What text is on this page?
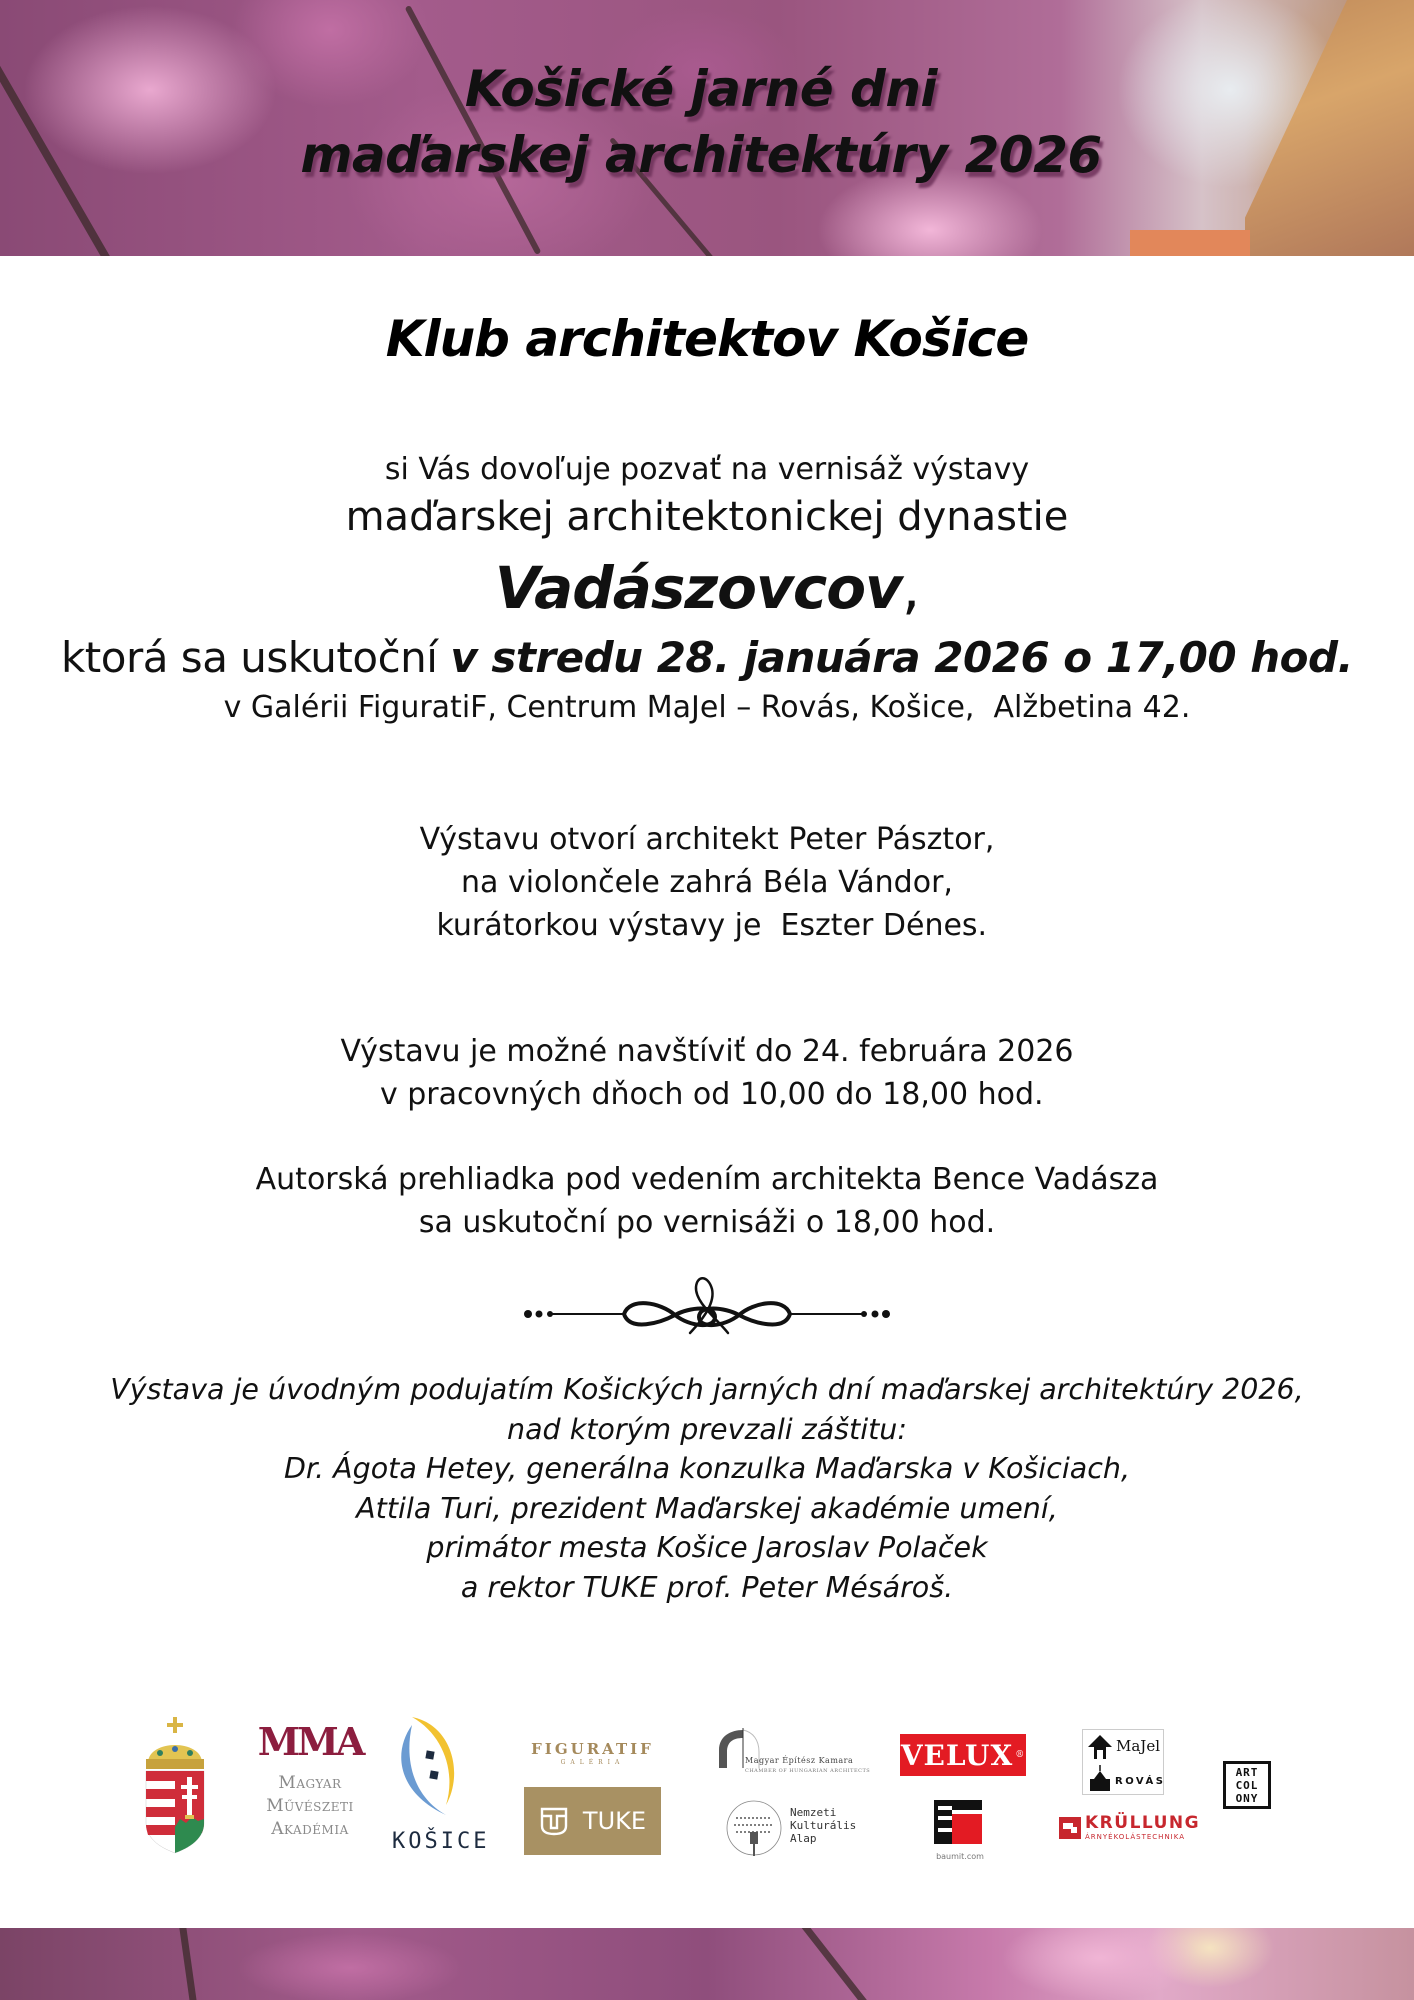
Košické jarné dni
maďarskej architektúry 2026
Klub architektov Košice
si Vás dovoľuje pozvať na vernisáž výstavy
maďarskej architektonickej dynastie
Vadászovcov,
ktorá sa uskutoční v stredu 28. januára 2026 o 17,00 hod.
v Galérii FiguratiF, Centrum MaJel – Rovás, Košice,  Alžbetina 42.
Výstavu otvorí architekt Peter Pásztor,
na violončele zahrá Béla Vándor,
kurátorkou výstavy je  Eszter Dénes.
Výstavu je možné navštíviť do 24. februára 2026
v pracovných dňoch od 10,00 do 18,00 hod.
Autorská prehliadka pod vedením architekta Bence Vadásza
sa uskutoční po vernisáži o 18,00 hod.
Výstava je úvodným podujatím Košických jarných dní maďarskej architektúry 2026,
nad ktorým prevzali záštitu:
Dr. Ágota Hetey, generálna konzulka Maďarska v Košiciach,
Attila Turi, prezident Maďarskej akadémie umení,
primátor mesta Košice Jaroslav Polaček
a rektor TUKE prof. Peter Mésároš.
MMA
Magyar
Művészeti
Akadémia	KOŠICE
FIGURATIF
GALÉRIA
TUKE
Magyar Építész Kamara
CHAMBER OF HUNGARIAN ARCHITECTS
Nemzeti
Kulturális
Alap
VELUX ®
baumit.com
MaJel
ROVÁS
KRÜLLUNG
ÁRNYÉKOLÁSTECHNIKA
ART
COL
ONY
